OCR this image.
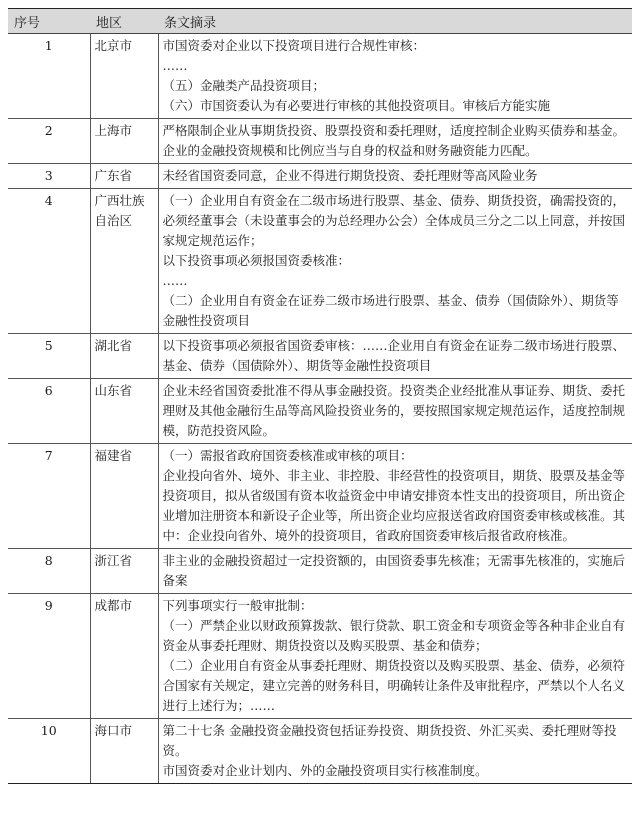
序号	地区	条文摘录
1	北京市	市国资委对企业以下投资项目进行合规性审核：
……
（五）金融类产品投资项目；
（六）市国资委认为有必要进行审核的其他投资项目。审核后方能实施

2	上海市	严格限制企业从事期货投资、股票投资和委托理财，适度控制企业购买债券和基金。企业的金融投资规模和比例应当与自身的权益和财务融资能力匹配。

3	广东省	未经省国资委同意，企业不得进行期货投资、委托理财等高风险业务

4	广西壮族自治区	（一）企业用自有资金在二级市场进行股票、基金、债券、期货投资，确需投资的，必须经董事会（未设董事会的为总经理办公会）全体成员三分之二以上同意，并按国家规定规范运作；
以下投资事项必须报国资委核准：
……
（二）企业用自有资金在证券二级市场进行股票、基金、债券（国债除外）、期货等金融性投资项目

5	湖北省	以下投资事项必须报省国资委审核：……企业用自有资金在证券二级市场进行股票、基金、债券（国债除外）、期货等金融性投资项目

6	山东省	企业未经省国资委批准不得从事金融投资。投资类企业经批准从事证券、期货、委托理财及其他金融衍生品等高风险投资业务的，要按照国家规定规范运作，适度控制规模，防范投资风险。

7	福建省	（一）需报省政府国资委核准或审核的项目：
企业投向省外、境外、非主业、非控股、非经营性的投资项目，期货、股票及基金等投资项目，拟从省级国有资本收益资金中申请安排资本性支出的投资项目，所出资企业增加注册资本和新设子企业等，所出资企业均应报送省政府国资委审核或核准。其中：企业投向省外、境外的投资项目，省政府国资委审核后报省政府核准。

8	浙江省	非主业的金融投资超过一定投资额的，由国资委事先核准；无需事先核准的，实施后备案

9	成都市	下列事项实行一般审批制：
（一）严禁企业以财政预算拨款、银行贷款、职工资金和专项资金等各种非企业自有资金从事委托理财、期货投资以及购买股票、基金和债券；
（二）企业用自有资金从事委托理财、期货投资以及购买股票、基金、债券，必须符合国家有关规定，建立完善的财务科目，明确转让条件及审批程序，严禁以个人名义进行上述行为；……

10	海口市	第二十七条 金融投资金融投资包括证券投资、期货投资、外汇买卖、委托理财等投资。
市国资委对企业计划内、外的金融投资项目实行核准制度。
